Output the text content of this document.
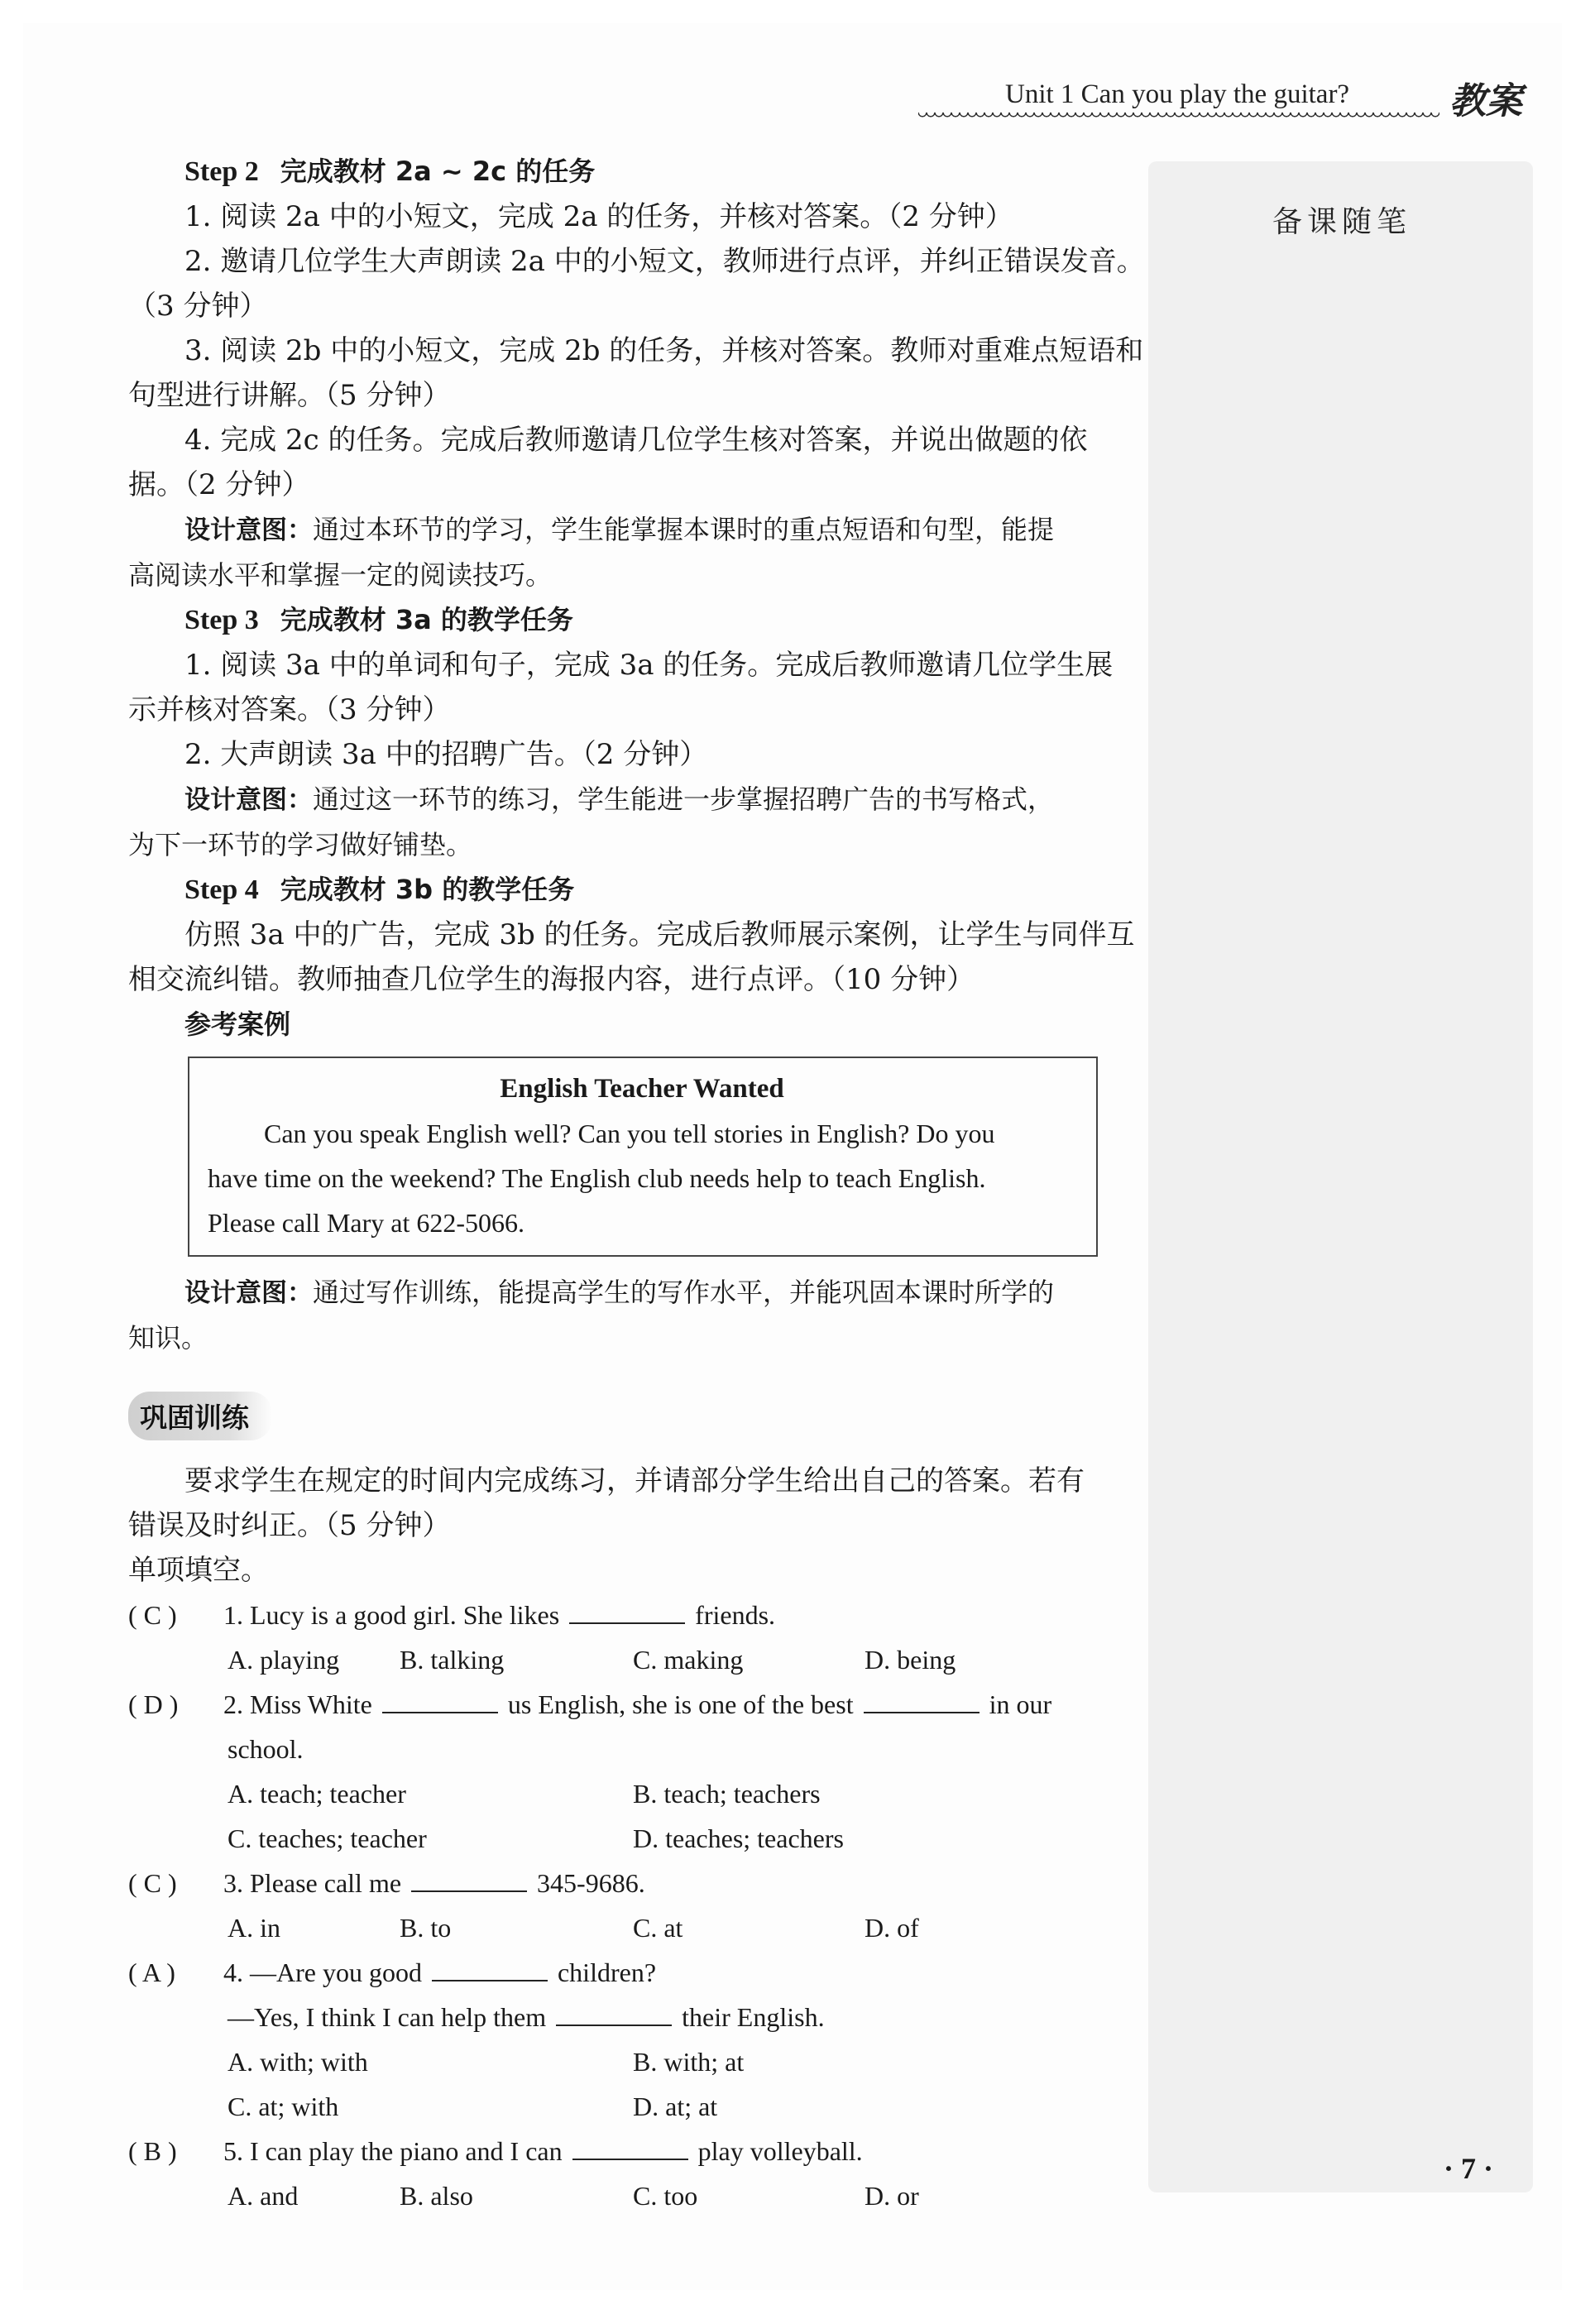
Unit 1 Can you play the guitar?	教案
备课随笔
Step 2 完成教材 2a ~ 2c 的任务
1. 阅读 2a 中的小短文，完成 2a 的任务，并核对答案。（2 分钟）
2. 邀请几位学生大声朗读 2a 中的小短文，教师进行点评，并纠正错误发音。
（3 分钟）
3. 阅读 2b 中的小短文，完成 2b 的任务，并核对答案。教师对重难点短语和
句型进行讲解。（5 分钟）
4. 完成 2c 的任务。完成后教师邀请几位学生核对答案，并说出做题的依
据。（2 分钟）
设计意图：通过本环节的学习，学生能掌握本课时的重点短语和句型，能提
高阅读水平和掌握一定的阅读技巧。
Step 3 完成教材 3a 的教学任务
1. 阅读 3a 中的单词和句子，完成 3a 的任务。完成后教师邀请几位学生展
示并核对答案。（3 分钟）
2. 大声朗读 3a 中的招聘广告。（2 分钟）
设计意图：通过这一环节的练习，学生能进一步掌握招聘广告的书写格式，
为下一环节的学习做好铺垫。
Step 4 完成教材 3b 的教学任务
仿照 3a 中的广告，完成 3b 的任务。完成后教师展示案例，让学生与同伴互
相交流纠错。教师抽查几位学生的海报内容，进行点评。（10 分钟）
参考案例
English Teacher Wanted
Can you speak English well? Can you tell stories in English? Do you
have time on the weekend? The English club needs help to teach English.
Please call Mary at 622-5066.
设计意图：通过写作训练，能提高学生的写作水平，并能巩固本课时所学的
知识。
巩固训练
要求学生在规定的时间内完成练习，并请部分学生给出自己的答案。若有
错误及时纠正。（5 分钟）
单项填空。
( C ) 1. Lucy is a good girl. She likes	friends.
A. playing B. talking	C. making	D. being
( D ) 2. Miss White	us English, she is one of the best	in our
school.
A. teach; teacher	B. teach; teachers
C. teaches; teacher	D. teaches; teachers
( C ) 3. Please call me	345-9686.
A. in	B. to	C. at	D. of
( A ) 4. —Are you good	children?
—Yes, I think I can help them	their English.
A. with; with	B. with; at
C. at; with	D. at; at
( B ) 5. I can play the piano and I can	play volleyball.
A. and	B. also	C. too	D. or
· 7 ·
